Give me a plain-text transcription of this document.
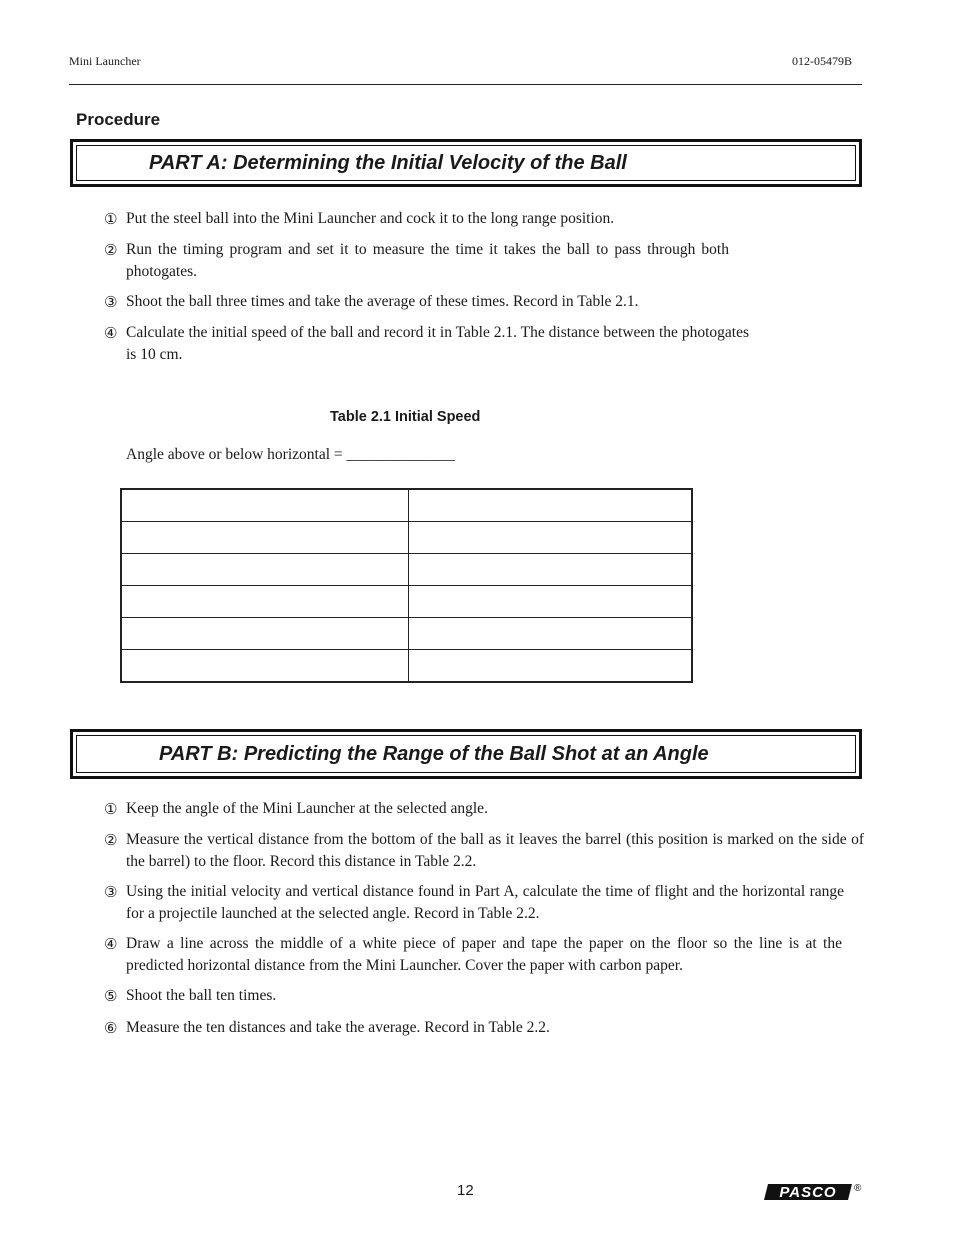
Mini Launcher	012-05479B
Procedure
PART A: Determining the Initial Velocity of the Ball
① Put the steel ball into the Mini Launcher and cock it to the long range position.
② Run the timing program and set it to measure the time it takes the ball to pass through both photogates.
③ Shoot the ball three times and take the average of these times. Record in Table 2.1.
④ Calculate the initial speed of the ball and record it in Table 2.1. The distance between the photogates is 10 cm.
Table 2.1 Initial Speed
Angle above or below horizontal = ______________

PART B: Predicting the Range of the Ball Shot at an Angle
① Keep the angle of the Mini Launcher at the selected angle.
② Measure the vertical distance from the bottom of the ball as it leaves the barrel (this position is marked on the side of the barrel) to the floor. Record this distance in Table 2.2.
③ Using the initial velocity and vertical distance found in Part A, calculate the time of flight and the horizontal range for a projectile launched at the selected angle. Record in Table 2.2.
④ Draw a line across the middle of a white piece of paper and tape the paper on the floor so the line is at the predicted horizontal distance from the Mini Launcher. Cover the paper with carbon paper.
⑤ Shoot the ball ten times.
⑥ Measure the ten distances and take the average. Record in Table 2.2.
12	PASCO ®
